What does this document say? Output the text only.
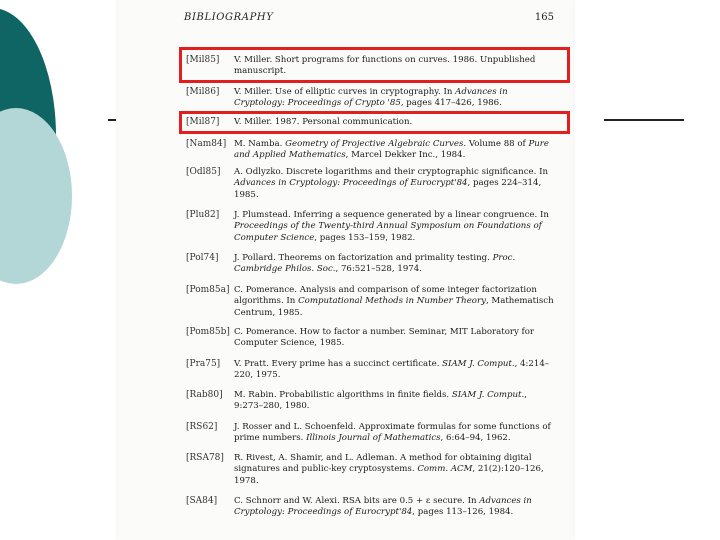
BIBLIOGRAPHY	165
[Mil85]	V. Miller. Short programs for functions on curves. 1986. Unpublished manuscript.
[Mil86]	V. Miller. Use of elliptic curves in cryptography. In Advances in Cryptology: Proceedings of Crypto '85, pages 417–426, 1986.
[Mil87]	V. Miller. 1987. Personal communication.
[Nam84] M. Namba. Geometry of Projective Algebraic Curves. Volume 88 of Pure and Applied Mathematics, Marcel Dekker Inc., 1984.
[Odl85]	A. Odlyzko. Discrete logarithms and their cryptographic significance. In Advances in Cryptology: Proceedings of Eurocrypt'84, pages 224–314, 1985.
[Plu82]	J. Plumstead. Inferring a sequence generated by a linear congruence. In Proceedings of the Twenty-third Annual Symposium on Foundations of Computer Science, pages 153–159, 1982.
[Pol74]	J. Pollard. Theorems on factorization and primality testing. Proc. Cambridge Philos. Soc., 76:521–528, 1974.
[Pom85a] C. Pomerance. Analysis and comparison of some integer factorization algorithms. In Computational Methods in Number Theory, Mathematisch Centrum, 1985.
[Pom85b] C. Pomerance. How to factor a number. Seminar, MIT Laboratory for Computer Science, 1985.
[Pra75]	V. Pratt. Every prime has a succinct certificate. SIAM J. Comput., 4:214–220, 1975.
[Rab80]	M. Rabin. Probabilistic algorithms in finite fields. SIAM J. Comput., 9:273–280, 1980.
[RS62]	J. Rosser and L. Schoenfeld. Approximate formulas for some functions of prime numbers. Illinois Journal of Mathematics, 6:64–94, 1962.
[RSA78]	R. Rivest, A. Shamir, and L. Adleman. A method for obtaining digital signatures and public-key cryptosystems. Comm. ACM, 21(2):120–126, 1978.
[SA84]	C. Schnorr and W. Alexi. RSA bits are 0.5 + ε secure. In Advances in Cryptology: Proceedings of Eurocrypt'84, pages 113–126, 1984.
